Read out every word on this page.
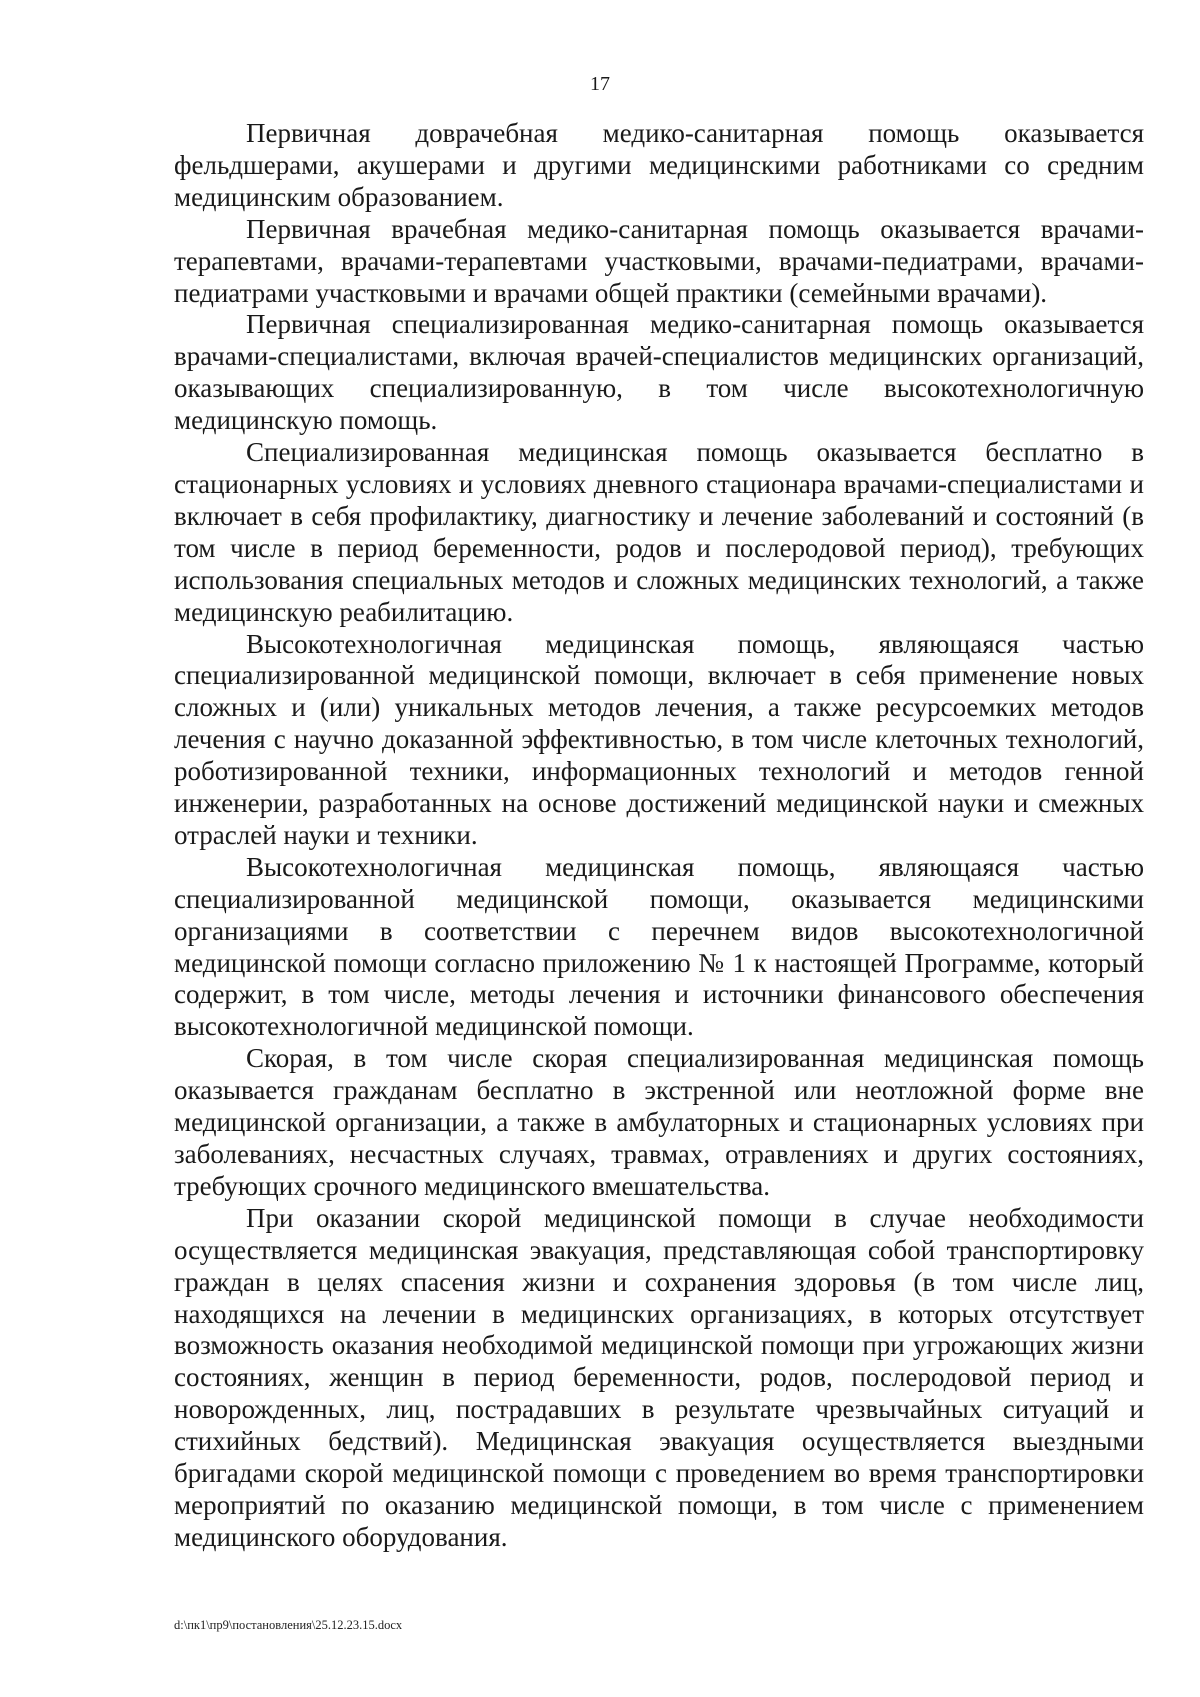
17

Первичная доврачебная медико-санитарная помощь оказывается фельдшерами, акушерами и другими медицинскими работниками со средним медицинским образованием.

Первичная врачебная медико-санитарная помощь оказывается врачами-терапевтами, врачами-терапевтами участковыми, врачами-педиатрами, врачами-педиатрами участковыми и врачами общей практики (семейными врачами).

Первичная специализированная медико-санитарная помощь оказывается врачами-специалистами, включая врачей-специалистов медицинских организаций, оказывающих специализированную, в том числе высокотехнологичную медицинскую помощь.

Специализированная медицинская помощь оказывается бесплатно в стационарных условиях и условиях дневного стационара врачами-специалистами и включает в себя профилактику, диагностику и лечение заболеваний и состояний (в том числе в период беременности, родов и послеродовой период), требующих использования специальных методов и сложных медицинских технологий, а также медицинскую реабилитацию.

Высокотехнологичная медицинская помощь, являющаяся частью специализированной медицинской помощи, включает в себя применение новых сложных и (или) уникальных методов лечения, а также ресурсоемких методов лечения с научно доказанной эффективностью, в том числе клеточных технологий, роботизированной техники, информационных технологий и методов генной инженерии, разработанных на основе достижений медицинской науки и смежных отраслей науки и техники.

Высокотехнологичная медицинская помощь, являющаяся частью специализированной медицинской помощи, оказывается медицинскими организациями в соответствии с перечнем видов высокотехнологичной медицинской помощи согласно приложению № 1 к настоящей Программе, который содержит, в том числе, методы лечения и источники финансового обеспечения высокотехнологичной медицинской помощи.

Скорая, в том числе скорая специализированная медицинская помощь оказывается гражданам бесплатно в экстренной или неотложной форме вне медицинской организации, а также в амбулаторных и стационарных условиях при заболеваниях, несчастных случаях, травмах, отравлениях и других состояниях, требующих срочного медицинского вмешательства.

При оказании скорой медицинской помощи в случае необходимости осуществляется медицинская эвакуация, представляющая собой транспортировку граждан в целях спасения жизни и сохранения здоровья (в том числе лиц, находящихся на лечении в медицинских организациях, в которых отсутствует возможность оказания необходимой медицинской помощи при угрожающих жизни состояниях, женщин в период беременности, родов, послеродовой период и новорожденных, лиц, пострадавших в результате чрезвычайных ситуаций и стихийных бедствий). Медицинская эвакуация осуществляется выездными бригадами скорой медицинской помощи с проведением во время транспортировки мероприятий по оказанию медицинской помощи, в том числе с применением медицинского оборудования.

d:\пк1\пр9\постановления\25.12.23.15.docx
